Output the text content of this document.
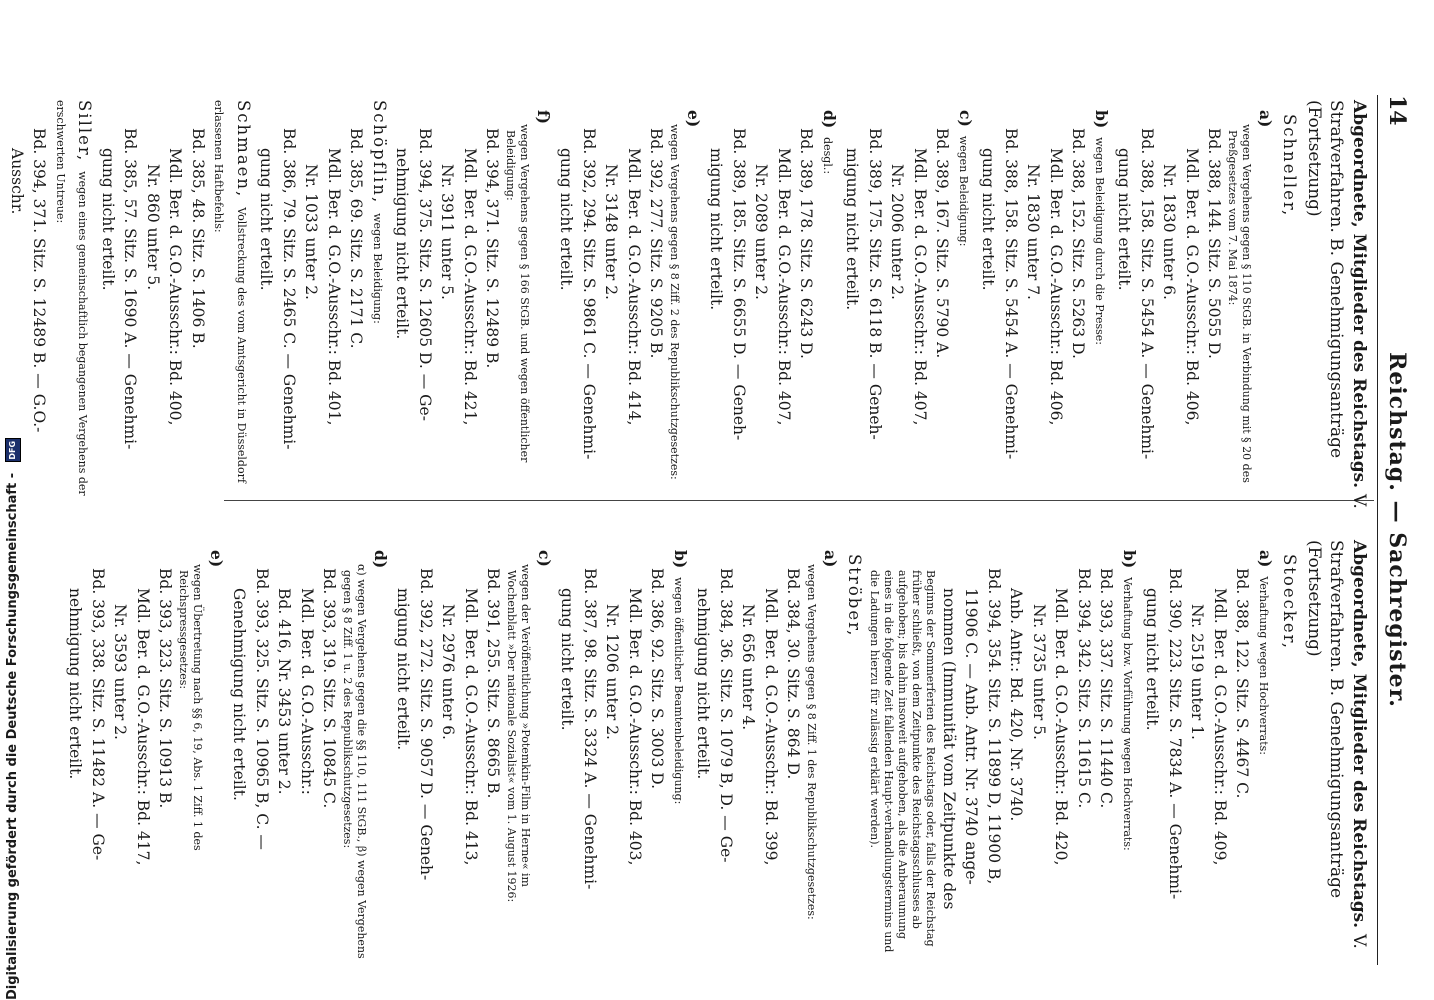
14
Reichstag. — Sachregister.
Abgeordnete, Mitglieder des Reichstags. V. Strafverfahren. B. Genehmigungsanträge (Fortsetzung)
Schneller,
a)
wegen Vergehens gegen § 110 StGB. in Verbindung mit § 20 des Preßgesetzes vom 7. Mai 1874:
Bd. 388, 144. Sitz. S. 5055 D.
Mdl. Ber. d. G.O.-Ausschr.: Bd. 406,
Nr. 1830 unter 6.
Bd. 388, 158. Sitz. S. 5454 A. — Genehmi-
gung nicht erteilt.
b) wegen Beleidigung durch die Presse:
Bd. 388, 152. Sitz. S. 5263 D.
Mdl. Ber. d. G.O.-Ausschr.: Bd. 406,
Nr. 1830 unter 7.
Bd. 388, 158. Sitz. S. 5454 A. — Genehmi-
gung nicht erteilt.
c) wegen Beleidigung:
Bd. 389, 167. Sitz. S. 5790 A.
Mdl. Ber. d. G.O.-Ausschr.: Bd. 407,
Nr. 2006 unter 2.
Bd. 389, 175. Sitz. S. 6118 B. — Geneh-
migung nicht erteilt.
d) desgl.:
Bd. 389, 178. Sitz. S. 6243 D.
Mdl. Ber. d. G.O.-Ausschr.: Bd. 407,
Nr. 2089 unter 2.
Bd. 389, 185. Sitz. S. 6655 D. — Geneh-
migung nicht erteilt.
e)
wegen Vergehens gegen § 8 Ziff. 2 des Republikschutzgesetzes:
Bd. 392, 277. Sitz. S. 9205 B.
Mdl. Ber. d. G.O.-Ausschr.: Bd. 414,
Nr. 3148 unter 2.
Bd. 392, 294. Sitz. S. 9861 C. — Genehmi-
gung nicht erteilt.
f)
wegen Vergehens gegen § 166 StGB. und wegen öffentlicher Beleidigung:
Bd. 394, 371. Sitz. S. 12489 B.
Mdl. Ber. d. G.O.-Ausschr.: Bd. 421,
Nr. 3911 unter 5.
Bd. 394, 375. Sitz. S. 12605 D. — Ge-
nehmigung nicht erteilt.
Schöpflin, wegen Beleidigung:
Bd. 385, 69. Sitz. S. 2171 C.
Mdl. Ber. d. G.O.-Ausschr.: Bd. 401,
Nr. 1033 unter 2.
Bd. 386, 79. Sitz. S. 2465 C. — Genehmi-
gung nicht erteilt.
Schmaen, Vollstreckung des vom Amtsgericht in Düsseldorf erlassenen Haftbefehls:
Bd. 385, 48. Sitz. S. 1406 B.
Mdl. Ber. d. G.O.-Ausschr.: Bd. 400,
Nr. 860 unter 5.
Bd. 385, 57. Sitz. S. 1690 A. — Genehmi-
gung nicht erteilt.
Siller, wegen eines gemeinschaftlich begangenen Vergehens der erschwerten Untreue:
Bd. 394, 371. Sitz. S. 12489 B. — G.O.-
Ausschr.
Abgeordnete, Mitglieder des Reichstags. V. Strafverfahren. B. Genehmigungsanträge (Fortsetzung)
Stoecker,
a) Verhaftung wegen Hochverrats:
Bd. 388, 122. Sitz. S. 4467 C.
Mdl. Ber. d. G.O.-Ausschr.: Bd. 409,
Nr. 2519 unter 1.
Bd. 390, 223. Sitz. S. 7834 A. — Genehmi-
gung nicht erteilt.
b) Verhaftung bzw. Vorführung wegen Hochverrats:
Bd. 393, 337. Sitz. S. 11440 C.
Bd. 394, 342. Sitz. S. 11615 C.
Mdl. Ber. d. G.O.-Ausschr.: Bd. 420,
Nr. 3735 unter 5.
Anb. Antr.: Bd. 420, Nr. 3740.
Bd. 394, 354. Sitz. S. 11899 D, 11900 B,
11906 C. — Anb. Antr. Nr. 3740 ange-
nommen (Immunität vom Zeitpunkte des
Beginns der Sommerferien des Reichstags oder, falls der Reichstag früher schließt, von dem Zeitpunkte des Reichstagsschlusses ab aufgehoben; bis dahin insoweit aufgehoben, als die Anberaumung eines in die folgende Zeit fallenden Haupt-verhandlungstermins und die Ladungen hierzu für zulässig erklärt werden).
Ströber,
a)
wegen Vergehens gegen § 8 Ziff. 1 des Republikschutzgesetzes:
Bd. 384, 30. Sitz. S. 864 D.
Mdl. Ber. d. G.O.-Ausschr.: Bd. 399,
Nr. 656 unter 4.
Bd. 384, 36. Sitz. S. 1079 B, D. — Ge-
nehmigung nicht erteilt.
b) wegen öffentlicher Beamtenbeleidigung:
Bd. 386, 92. Sitz. S. 3003 D.
Mdl. Ber. d. G.O.-Ausschr.: Bd. 403,
Nr. 1206 unter 2.
Bd. 387, 98. Sitz. S. 3324 A. — Genehmi-
gung nicht erteilt.
c)
wegen der Veröffentlichung »Potemkin-Film in Herne« im Wochenblatt »Der nationale Sozialist« vom 1. August 1926:
Bd. 391, 255. Sitz. S. 8665 B.
Mdl. Ber. d. G.O.-Ausschr.: Bd. 413,
Nr. 2976 unter 6.
Bd. 392, 272. Sitz. S. 9057 D. — Geneh-
migung nicht erteilt.
d)
α) wegen Vergehens gegen die §§ 110, 111 StGB., β) wegen Vergehens gegen § 8 Ziff. 1 u. 2 des Republikschutzgesetzes:
Bd. 393, 319. Sitz. S. 10845 C.
Mdl. Ber. d. G.O.-Ausschr.:
Bd. 416, Nr. 3453 unter 2.
Bd. 393, 325. Sitz. S. 10965 B, C. —
Genehmigung nicht erteilt.
e)
wegen Übertretung nach §§ 6, 19, Abs. 1 Ziff. 1 des Reichspressgesetzes:
Bd. 393, 323. Sitz. S. 10913 B.
Mdl. Ber. d. G.O.-Ausschr.: Bd. 417,
Nr. 3593 unter 2.
Bd. 393, 338. Sitz. S. 11482 A. — Ge-
nehmigung nicht erteilt.
Digitalisierung gefördert durch die Deutsche Forschungsgemeinschaft - DFG
